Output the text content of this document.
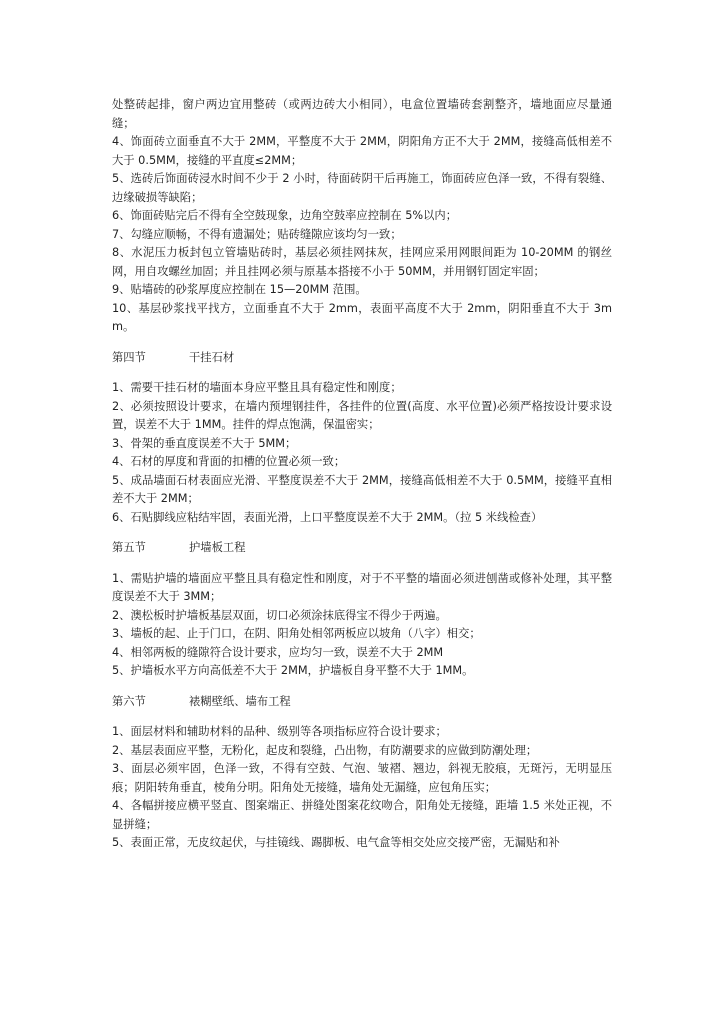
处整砖起排，窗户两边宜用整砖（或两边砖大小相同），电盒位置墙砖套割整齐，墙地面应尽量通缝；

4、饰面砖立面垂直不大于 2MM，平整度不大于 2MM，阴阳角方正不大于 2MM，接缝高低相差不大于 0.5MM，接缝的平直度≤2MM；

5、选砖后饰面砖浸水时间不少于 2 小时，待面砖阴干后再施工，饰面砖应色泽一致，不得有裂缝、边缘破损等缺陷；

6、饰面砖贴完后不得有全空鼓现象，边角空鼓率应控制在 5%以内；

7、勾缝应顺畅，不得有遗漏处；贴砖缝隙应该均匀一致；

8、水泥压力板封包立管墙贴砖时，基层必须挂网抹灰，挂网应采用网眼间距为 10-20MM 的钢丝网，用自攻螺丝加固；并且挂网必须与原基本搭接不小于 50MM，并用钢钉固定牢固；

9、贴墙砖的砂浆厚度应控制在 15—20MM 范围。

10、基层砂浆找平找方，立面垂直不大于 2mm，表面平高度不大于 2mm，阴阳垂直不大于 3mm。

第四节	干挂石材

1、需要干挂石材的墙面本身应平整且具有稳定性和刚度；

2、必须按照设计要求，在墙内预埋钢挂件，各挂件的位置(高度、水平位置)必须严格按设计要求设置，误差不大于 1MM。挂件的焊点饱满，保温密实；

3、骨架的垂直度误差不大于 5MM；

4、石材的厚度和背面的扣槽的位置必须一致；

5、成品墙面石材表面应光滑、平整度误差不大于 2MM，接缝高低相差不大于 0.5MM，接缝平直相差不大于 2MM；

6、石贴脚线应粘结牢固，表面光滑，上口平整度误差不大于 2MM。（拉 5 米线检查）

第五节	护墙板工程

1、需贴护墙的墙面应平整且具有稳定性和刚度，对于不平整的墙面必须进刨凿或修补处理，其平整度误差不大于 3MM；

2、澳松板时护墙板基层双面，切口必须涂抹底得宝不得少于两遍。

3、墙板的起、止于门口，在阴、阳角处相邻两板应以坡角（八字）相交；

4、相邻两板的缝隙符合设计要求，应均匀一致，误差不大于 2MM

5、护墙板水平方向高低差不大于 2MM，护墙板自身平整不大于 1MM。

第六节	裱糊壁纸、墙布工程

1、面层材料和辅助材料的品种、级别等各项指标应符合设计要求；

2、基层表面应平整，无粉化，起皮和裂缝，凸出物，有防潮要求的应做到防潮处理；

3、面层必须牢固，色泽一致，不得有空鼓、气泡、皱褶、翘边，斜视无胶痕，无斑污，无明显压痕；阴阳转角垂直，棱角分明。阳角处无接缝，墙角处无漏缝，应包角压实；

4、各幅拼接应横平竖直、图案端正、拼缝处图案花纹吻合，阳角处无接缝，距墙 1.5 米处正视，不显拼缝；

5、表面正常，无皮纹起伏，与挂镜线、踢脚板、电气盒等相交处应交接严密，无漏贴和补
